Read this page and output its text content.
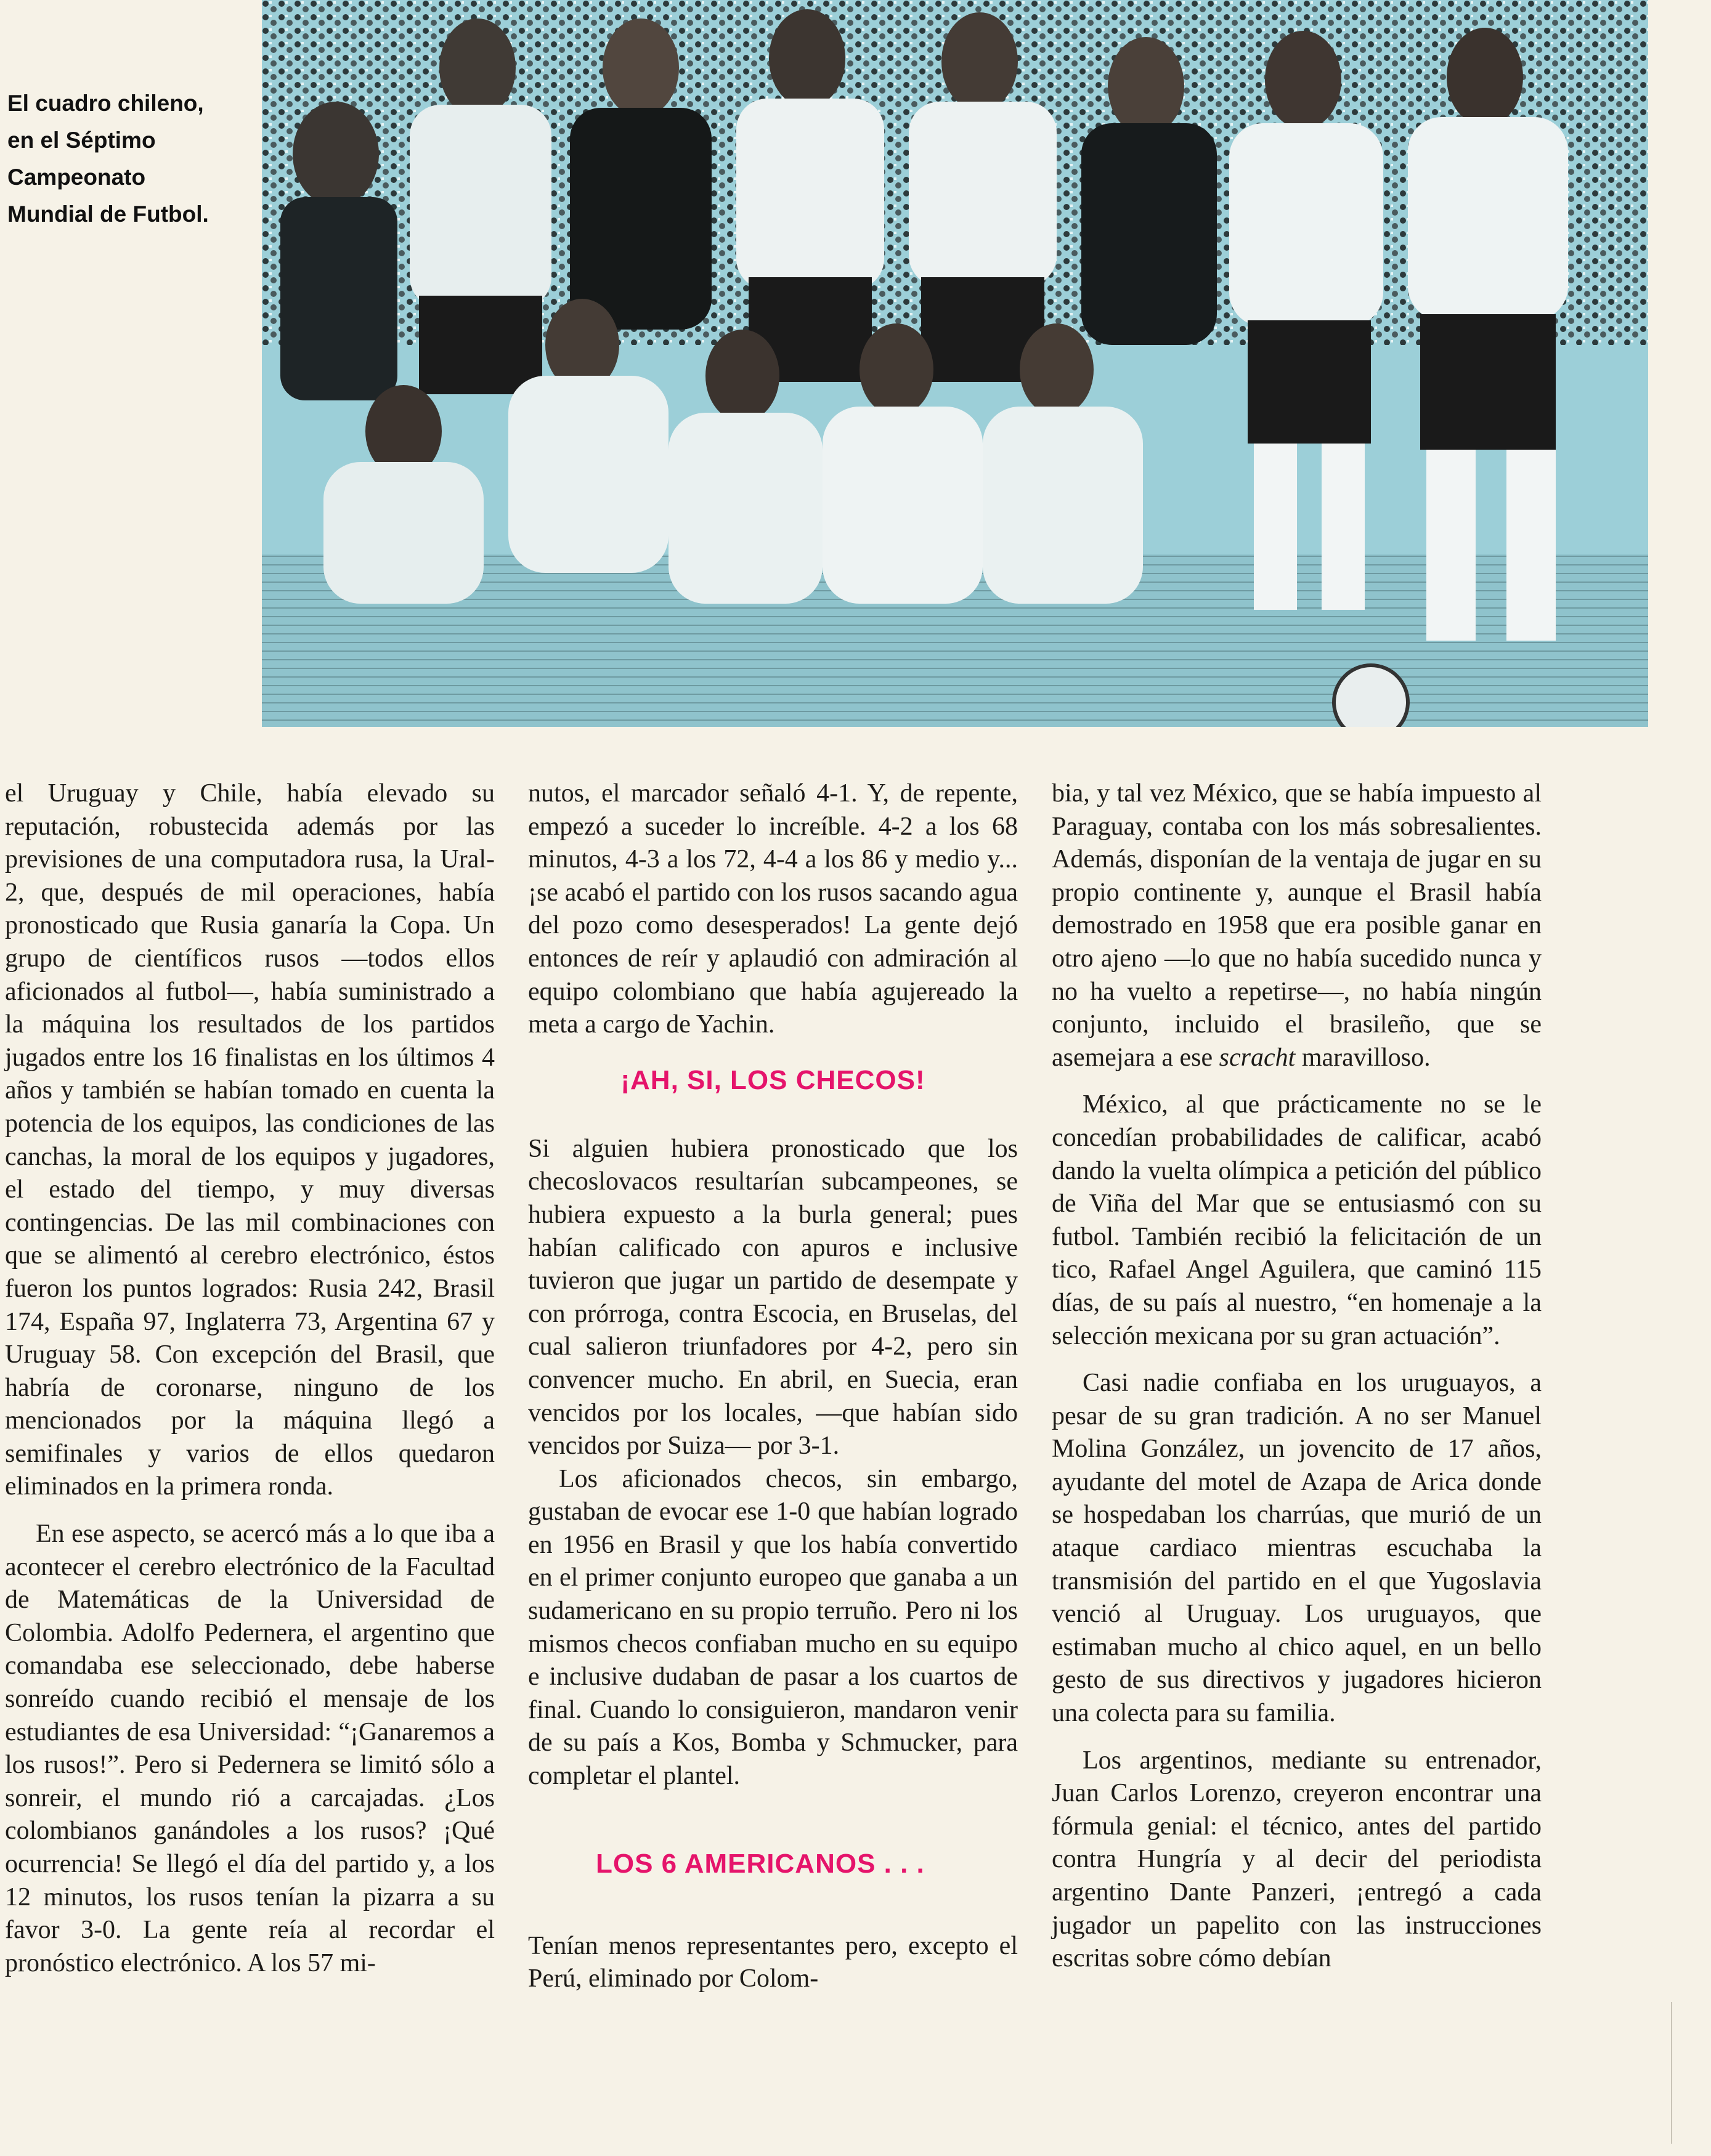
El cuadro chileno,
en el Séptimo
Campeonato
Mundial de Futbol.

el Uruguay y Chile, había elevado su reputación, robustecida además por las previsiones de una computadora rusa, la Ural-2, que, después de mil operaciones, había pronosticado que Rusia ganaría la Copa. Un grupo de científicos rusos —todos ellos aficionados al futbol—, había suministrado a la máquina los resultados de los partidos jugados entre los 16 finalistas en los últimos 4 años y también se habían tomado en cuenta la potencia de los equipos, las condiciones de las canchas, la moral de los equipos y jugadores, el estado del tiempo, y muy diversas contingencias. De las mil combinaciones con que se alimentó al cerebro electrónico, éstos fueron los puntos logrados: Rusia 242, Brasil 174, España 97, Inglaterra 73, Argentina 67 y Uruguay 58. Con excepción del Brasil, que habría de coronarse, ninguno de los mencionados por la máquina llegó a semifinales y varios de ellos quedaron eliminados en la primera ronda.

En ese aspecto, se acercó más a lo que iba a acontecer el cerebro electrónico de la Facultad de Matemáticas de la Universidad de Colombia. Adolfo Pedernera, el argentino que comandaba ese seleccionado, debe haberse sonreído cuando recibió el mensaje de los estudiantes de esa Universidad: “¡Ganaremos a los rusos!”. Pero si Pedernera se limitó sólo a sonreir, el mundo rió a carcajadas. ¿Los colombianos ganándoles a los rusos? ¡Qué ocurrencia! Se llegó el día del partido y, a los 12 minutos, los rusos tenían la pizarra a su favor 3-0. La gente reía al recordar el pronóstico electrónico. A los 57 mi-

nutos, el marcador señaló 4-1. Y, de repente, empezó a suceder lo increíble. 4-2 a los 68 minutos, 4-3 a los 72, 4-4 a los 86 y medio y... ¡se acabó el partido con los rusos sacando agua del pozo como desesperados! La gente dejó entonces de reír y aplaudió con admiración al equipo colombiano que había agujereado la meta a cargo de Yachin.

¡AH, SI, LOS CHECOS!

Si alguien hubiera pronosticado que los checoslovacos resultarían subcampeones, se hubiera expuesto a la burla general; pues habían calificado con apuros e inclusive tuvieron que jugar un partido de desempate y con prórroga, contra Escocia, en Bruselas, del cual salieron triunfadores por 4-2, pero sin convencer mucho. En abril, en Suecia, eran vencidos por los locales, —que habían sido vencidos por Suiza— por 3-1.

Los aficionados checos, sin embargo, gustaban de evocar ese 1-0 que habían logrado en 1956 en Brasil y que los había convertido en el primer conjunto europeo que ganaba a un sudamericano en su propio terruño. Pero ni los mismos checos confiaban mucho en su equipo e inclusive dudaban de pasar a los cuartos de final. Cuando lo consiguieron, mandaron venir de su país a Kos, Bomba y Schmucker, para completar el plantel.

LOS 6 AMERICANOS . . .

Tenían menos representantes pero, excepto el Perú, eliminado por Colom-

bia, y tal vez México, que se había impuesto al Paraguay, contaba con los más sobresalientes. Además, disponían de la ventaja de jugar en su propio continente y, aunque el Brasil había demostrado en 1958 que era posible ganar en otro ajeno —lo que no había sucedido nunca y no ha vuelto a repetirse—, no había ningún conjunto, incluido el brasileño, que se asemejara a ese scracht maravilloso.

México, al que prácticamente no se le concedían probabilidades de calificar, acabó dando la vuelta olímpica a petición del público de Viña del Mar que se entusiasmó con su futbol. También recibió la felicitación de un tico, Rafael Angel Aguilera, que caminó 115 días, de su país al nuestro, “en homenaje a la selección mexicana por su gran actuación”.

Casi nadie confiaba en los uruguayos, a pesar de su gran tradición. A no ser Manuel Molina González, un jovencito de 17 años, ayudante del motel de Azapa de Arica donde se hospedaban los charrúas, que murió de un ataque cardiaco mientras escuchaba la transmisión del partido en el que Yugoslavia venció al Uruguay. Los uruguayos, que estimaban mucho al chico aquel, en un bello gesto de sus directivos y jugadores hicieron una colecta para su familia.

Los argentinos, mediante su entrenador, Juan Carlos Lorenzo, creyeron encontrar una fórmula genial: el técnico, antes del partido contra Hungría y al decir del periodista argentino Dante Panzeri, ¡entregó a cada jugador un papelito con las instrucciones escritas sobre cómo debían
